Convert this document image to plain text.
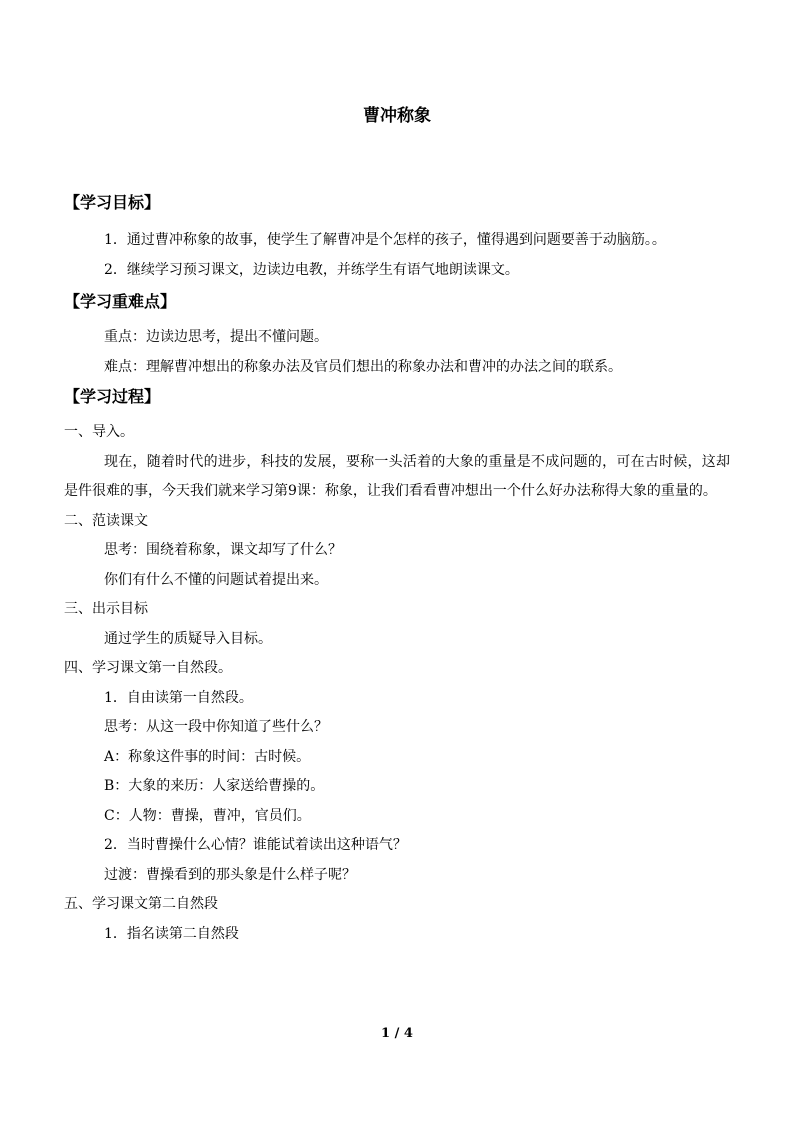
曹冲称象
【学习目标】

1．通过曹冲称象的故事，使学生了解曹冲是个怎样的孩子，懂得遇到问题要善于动脑筋。。

2．继续学习预习课文，边读边电教，并练学生有语气地朗读课文。

【学习重难点】

重点：边读边思考，提出不懂问题。

难点：理解曹冲想出的称象办法及官员们想出的称象办法和曹冲的办法之间的联系。

【学习过程】

一、导入。

现在，随着时代的进步，科技的发展，要称一头活着的大象的重量是不成问题的，可在古时候，这却是件很难的事，今天我们就来学习第9课：称象，让我们看看曹冲想出一个什么好办法称得大象的重量的。

二、范读课文

思考：围绕着称象，课文却写了什么？

你们有什么不懂的问题试着提出来。

三、出示目标

通过学生的质疑导入目标。

四、学习课文第一自然段。

1．自由读第一自然段。

思考：从这一段中你知道了些什么？

A：称象这件事的时间：古时候。

B：大象的来历：人家送给曹操的。

C：人物：曹操，曹冲，官员们。

2．当时曹操什么心情？谁能试着读出这种语气？

过渡：曹操看到的那头象是什么样子呢？

五、学习课文第二自然段

1．指名读第二自然段

1 / 4
